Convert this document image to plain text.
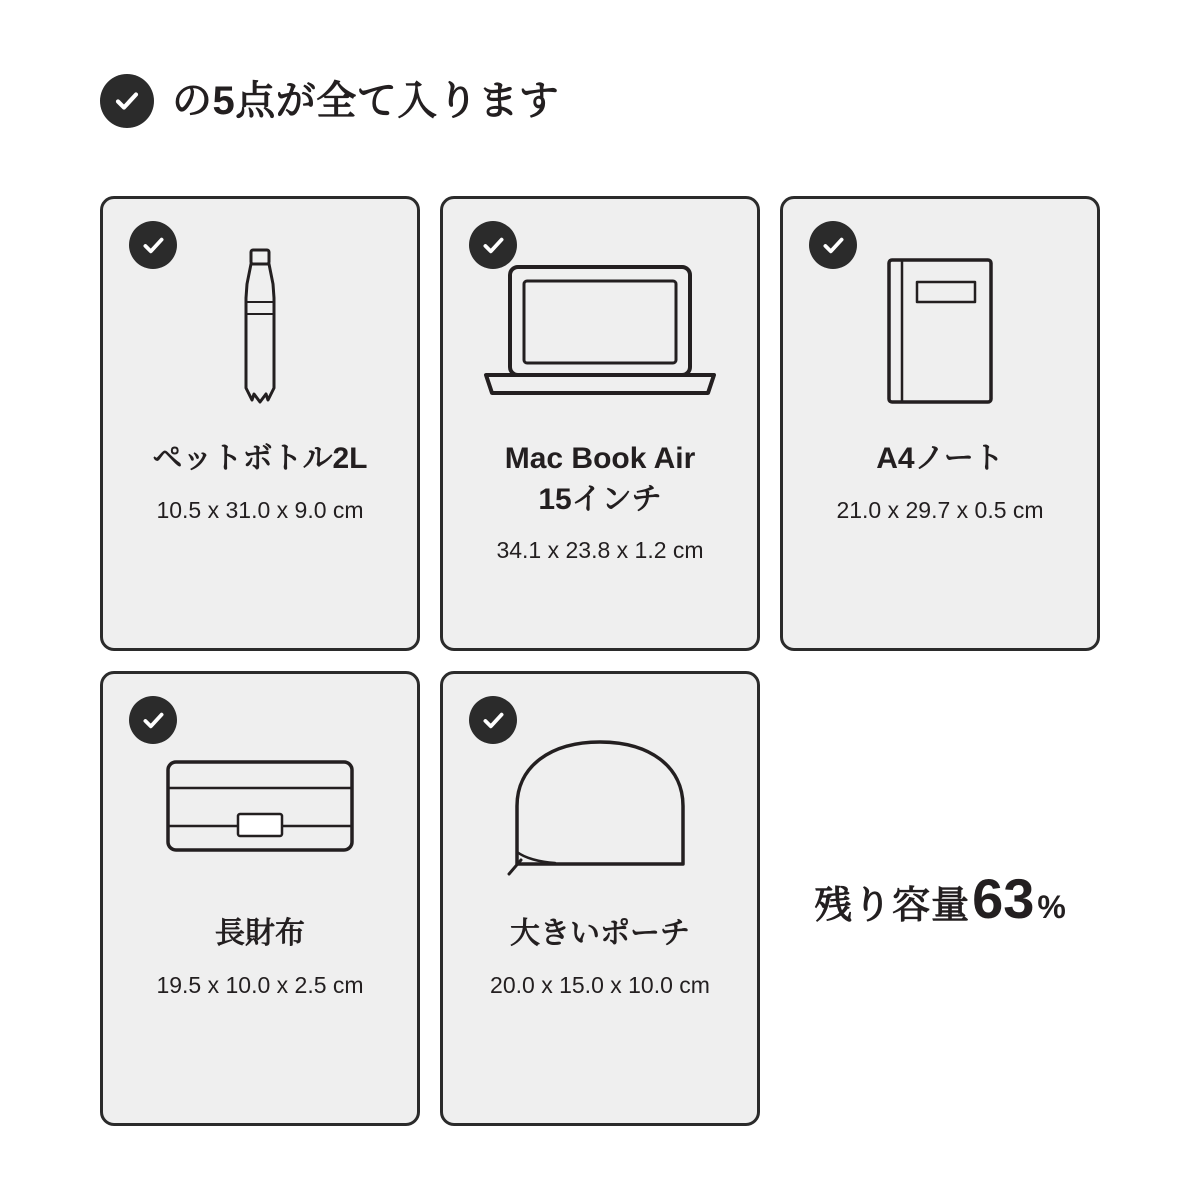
の5点が全て入ります
ペットボトル2L
10.5 x 31.0 x 9.0 cm
Mac Book Air
15インチ
34.1 x 23.8 x 1.2 cm
A4ノート
21.0 x 29.7 x 0.5 cm
長財布
19.5 x 10.0 x 2.5 cm
大きいポーチ
20.0 x 15.0 x 10.0 cm
残り容量 63 %
